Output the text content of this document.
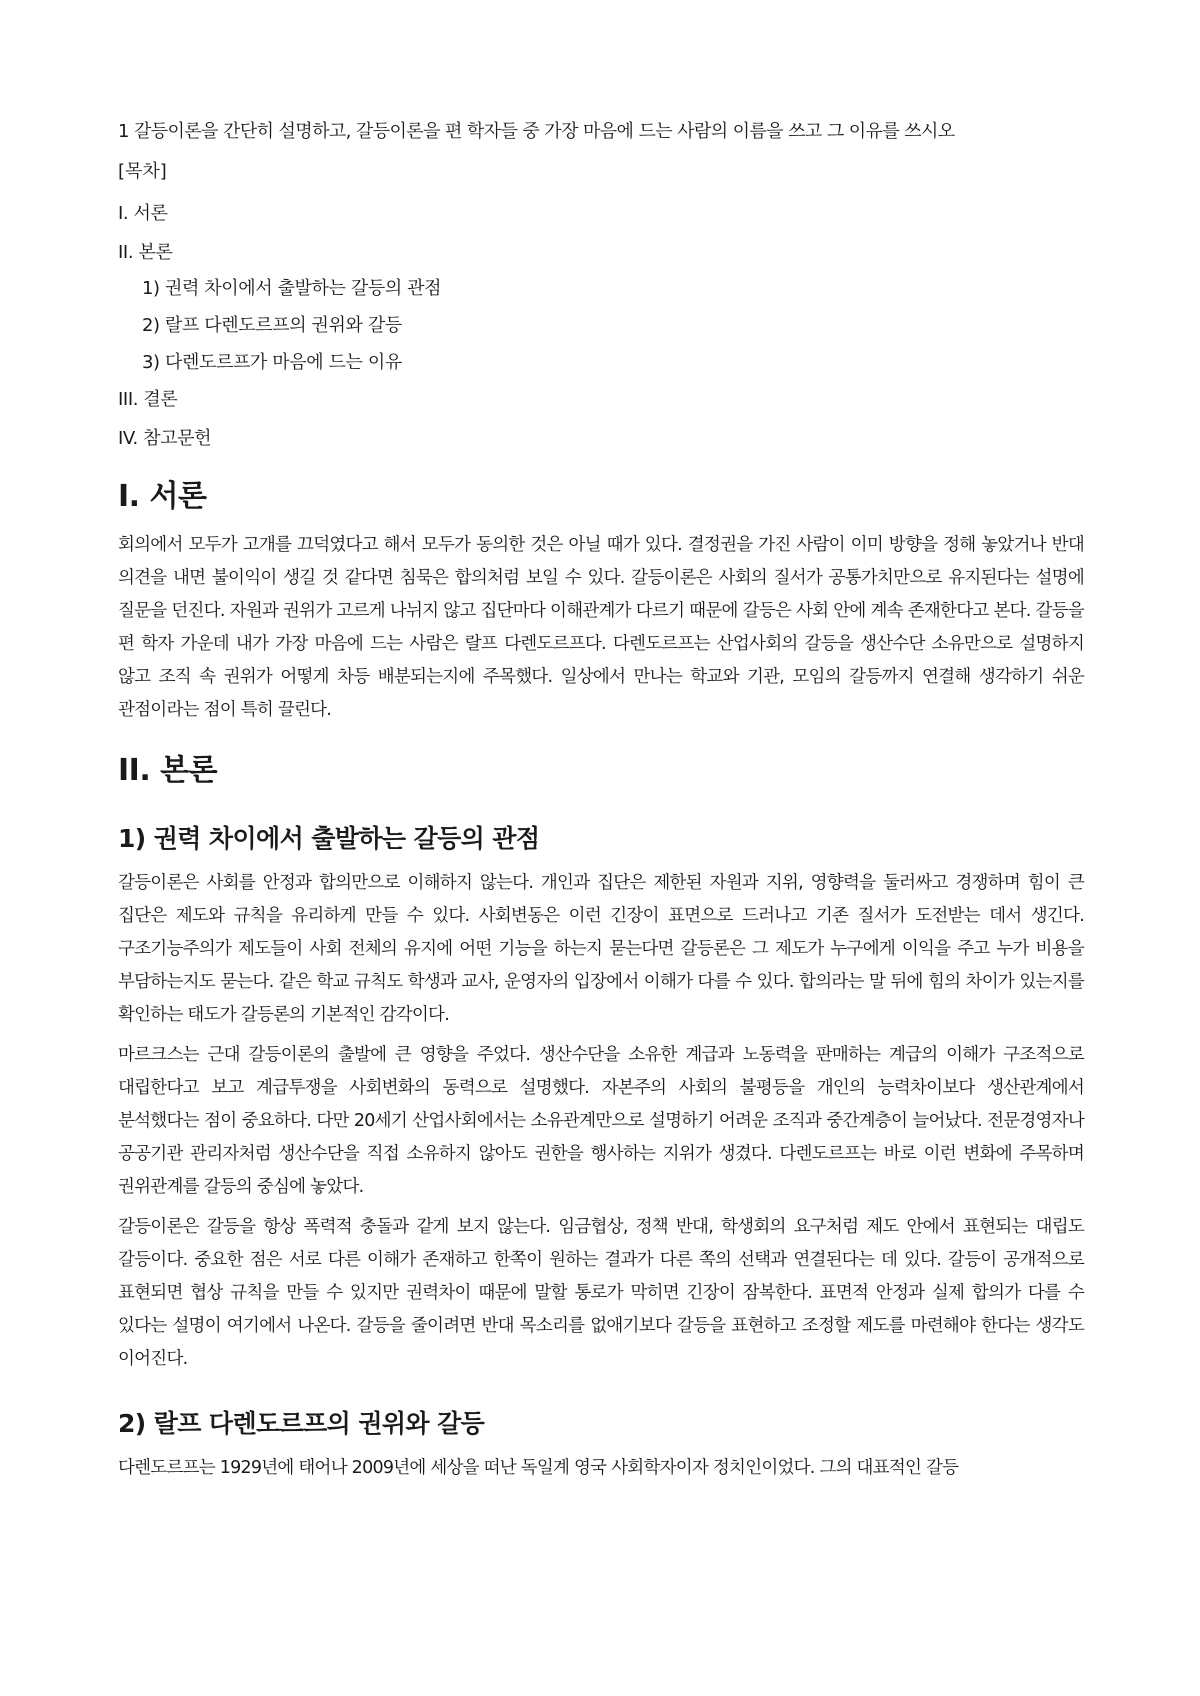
1 갈등이론을 간단히 설명하고, 갈등이론을 편 학자들 중 가장 마음에 드는 사람의 이름을 쓰고 그 이유를 쓰시오

[목차]
I. 서론
II. 본론
1) 권력 차이에서 출발하는 갈등의 관점
2) 랄프 다렌도르프의 권위와 갈등
3) 다렌도르프가 마음에 드는 이유
III. 결론
IV. 참고문헌
I. 서론

회의에서 모두가 고개를 끄덕였다고 해서 모두가 동의한 것은 아닐 때가 있다. 결정권을 가진 사람이 이미 방향을 정해 놓았거나 반대 의견을 내면 불이익이 생길 것 같다면 침묵은 합의처럼 보일 수 있다. 갈등이론은 사회의 질서가 공통가치만으로 유지된다는 설명에 질문을 던진다. 자원과 권위가 고르게 나뉘지 않고 집단마다 이해관계가 다르기 때문에 갈등은 사회 안에 계속 존재한다고 본다. 갈등을 편 학자 가운데 내가 가장 마음에 드는 사람은 랄프 다렌도르프다. 다렌도르프는 산업사회의 갈등을 생산수단 소유만으로 설명하지 않고 조직 속 권위가 어떻게 차등 배분되는지에 주목했다. 일상에서 만나는 학교와 기관, 모임의 갈등까지 연결해 생각하기 쉬운 관점이라는 점이 특히 끌린다.

II. 본론
1) 권력 차이에서 출발하는 갈등의 관점

갈등이론은 사회를 안정과 합의만으로 이해하지 않는다. 개인과 집단은 제한된 자원과 지위, 영향력을 둘러싸고 경쟁하며 힘이 큰 집단은 제도와 규칙을 유리하게 만들 수 있다. 사회변동은 이런 긴장이 표면으로 드러나고 기존 질서가 도전받는 데서 생긴다. 구조기능주의가 제도들이 사회 전체의 유지에 어떤 기능을 하는지 묻는다면 갈등론은 그 제도가 누구에게 이익을 주고 누가 비용을 부담하는지도 묻는다. 같은 학교 규칙도 학생과 교사, 운영자의 입장에서 이해가 다를 수 있다. 합의라는 말 뒤에 힘의 차이가 있는지를 확인하는 태도가 갈등론의 기본적인 감각이다.

마르크스는 근대 갈등이론의 출발에 큰 영향을 주었다. 생산수단을 소유한 계급과 노동력을 판매하는 계급의 이해가 구조적으로 대립한다고 보고 계급투쟁을 사회변화의 동력으로 설명했다. 자본주의 사회의 불평등을 개인의 능력차이보다 생산관계에서 분석했다는 점이 중요하다. 다만 20세기 산업사회에서는 소유관계만으로 설명하기 어려운 조직과 중간계층이 늘어났다. 전문경영자나 공공기관 관리자처럼 생산수단을 직접 소유하지 않아도 권한을 행사하는 지위가 생겼다. 다렌도르프는 바로 이런 변화에 주목하며 권위관계를 갈등의 중심에 놓았다.

갈등이론은 갈등을 항상 폭력적 충돌과 같게 보지 않는다. 임금협상, 정책 반대, 학생회의 요구처럼 제도 안에서 표현되는 대립도 갈등이다. 중요한 점은 서로 다른 이해가 존재하고 한쪽이 원하는 결과가 다른 쪽의 선택과 연결된다는 데 있다. 갈등이 공개적으로 표현되면 협상 규칙을 만들 수 있지만 권력차이 때문에 말할 통로가 막히면 긴장이 잠복한다. 표면적 안정과 실제 합의가 다를 수 있다는 설명이 여기에서 나온다. 갈등을 줄이려면 반대 목소리를 없애기보다 갈등을 표현하고 조정할 제도를 마련해야 한다는 생각도 이어진다.

2) 랄프 다렌도르프의 권위와 갈등

다렌도르프는 1929년에 태어나 2009년에 세상을 떠난 독일계 영국 사회학자이자 정치인이었다. 그의 대표적인 갈등
